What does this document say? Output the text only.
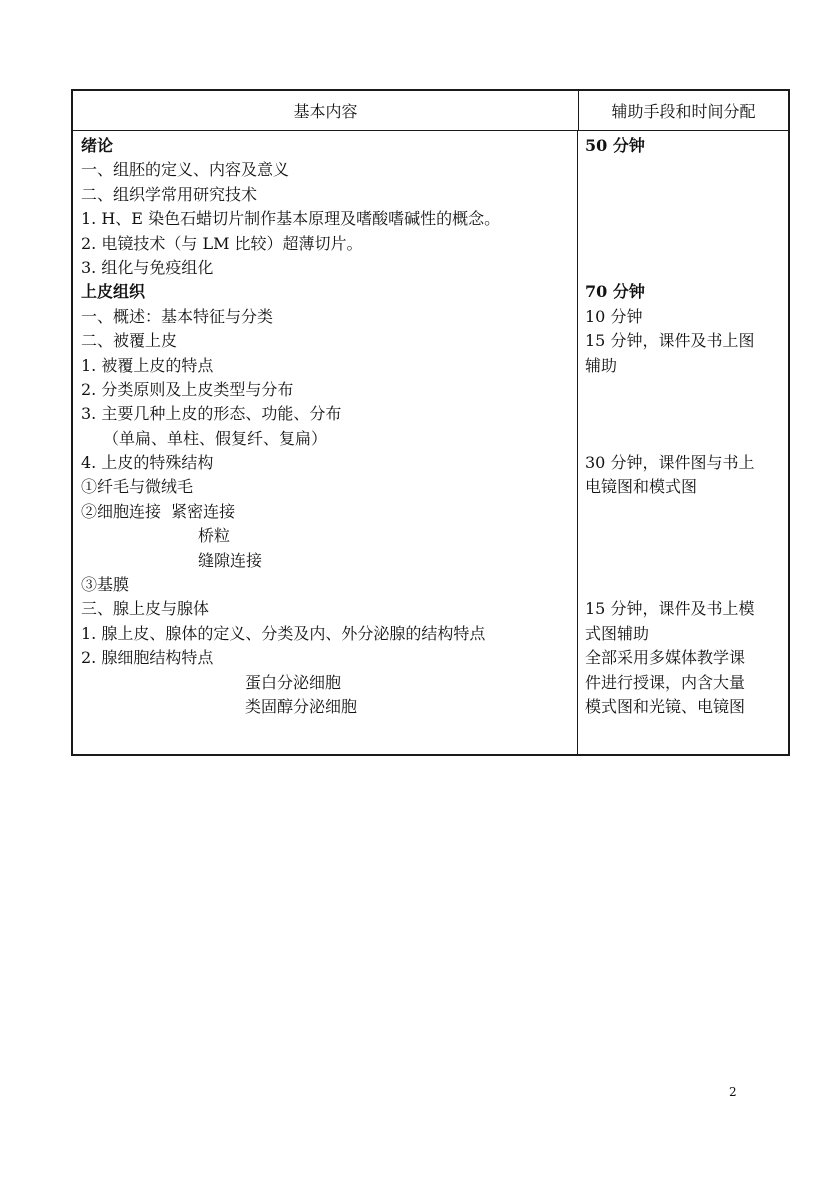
基本内容	辅助手段和时间分配
绪论
一、组胚的定义、内容及意义
二、组织学常用研究技术
1. H、E 染色石蜡切片制作基本原理及嗜酸嗜碱性的概念。
2. 电镜技术（与 LM 比较）超薄切片。
3. 组化与免疫组化
上皮组织
一、概述：基本特征与分类
二、被覆上皮
1. 被覆上皮的特点
2. 分类原则及上皮类型与分布
3. 主要几种上皮的形态、功能、分布
（单扁、单柱、假复纤、复扁）
4. 上皮的特殊结构
①纤毛与微绒毛
②细胞连接  紧密连接
桥粒
缝隙连接
③基膜
三、腺上皮与腺体
1. 腺上皮、腺体的定义、分类及内、外分泌腺的结构特点
2. 腺细胞结构特点
蛋白分泌细胞
类固醇分泌细胞
50 分钟
70 分钟
10 分钟
15 分钟，课件及书上图
辅助
30 分钟，课件图与书上
电镜图和模式图
15 分钟，课件及书上模
式图辅助
全部采用多媒体教学课
件进行授课，内含大量
模式图和光镜、电镜图
2
